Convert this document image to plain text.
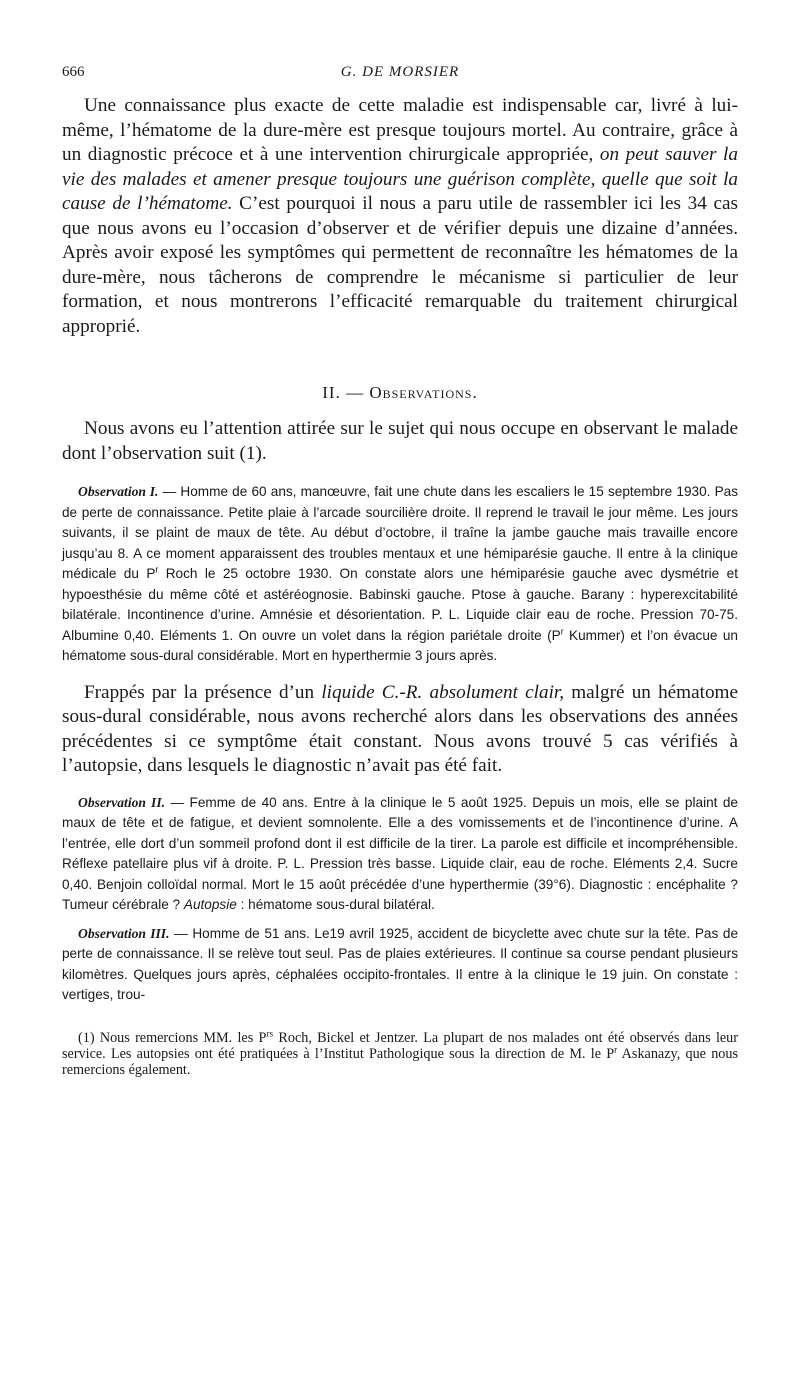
666	G. DE MORSIER

Une connaissance plus exacte de cette maladie est indispensable car, livré à lui-même, l’hématome de la dure-mère est presque toujours mortel. Au contraire, grâce à un diagnostic précoce et à une intervention chirurgicale appropriée, on peut sauver la vie des malades et amener presque toujours une guérison complète, quelle que soit la cause de l’hématome. C’est pourquoi il nous a paru utile de rassembler ici les 34 cas que nous avons eu l’occasion d’observer et de vérifier depuis une dizaine d’années. Après avoir exposé les symptômes qui permettent de reconnaître les hématomes de la dure-mère, nous tâcherons de comprendre le mécanisme si particulier de leur formation, et nous montrerons l’efficacité remarquable du traitement chirurgical approprié.

II. — Observations.

Nous avons eu l’attention attirée sur le sujet qui nous occupe en observant le malade dont l’observation suit (1).

Observation I. — Homme de 60 ans, manœuvre, fait une chute dans les escaliers le 15 septembre 1930. Pas de perte de connaissance. Petite plaie à l’arcade sourcilière droite. Il reprend le travail le jour même. Les jours suivants, il se plaint de maux de tête. Au début d’octobre, il traîne la jambe gauche mais travaille encore jusqu’au 8. A ce moment apparaissent des troubles mentaux et une hémiparésie gauche. Il entre à la clinique médicale du $P^r$ Roch le 25 octobre 1930. On constate alors une hémiparésie gauche avec dysmétrie et hypoesthésie du même côté et astéréognosie. Babinski gauche. Ptose à gauche. Barany : hyperexcitabilité bilatérale. Incontinence d’urine. Amnésie et désorientation. P. L. Liquide clair eau de roche. Pression 70-75. Albumine 0,40. Eléments 1. On ouvre un volet dans la région pariétale droite ($P^r$ Kummer) et l’on évacue un hématome sous-dural considérable. Mort en hyperthermie 3 jours après.

Frappés par la présence d’un liquide C.-R. absolument clair, malgré un hématome sous-dural considérable, nous avons recherché alors dans les observations des années précédentes si ce symptôme était constant. Nous avons trouvé 5 cas vérifiés à l’autopsie, dans lesquels le diagnostic n’avait pas été fait.

Observation II. — Femme de 40 ans. Entre à la clinique le 5 août 1925. Depuis un mois, elle se plaint de maux de tête et de fatigue, et devient somnolente. Elle a des vomissements et de l’incontinence d’urine. A l’entrée, elle dort d’un sommeil profond dont il est difficile de la tirer. La parole est difficile et incompréhensible. Réflexe patellaire plus vif à droite. P. L. Pression très basse. Liquide clair, eau de roche. Eléments 2,4. Sucre 0,40. Benjoin colloïdal normal. Mort le 15 août précédée d’une hyperthermie (39°6). Diagnostic : encéphalite ? Tumeur cérébrale ? Autopsie : hématome sous-dural bilatéral.

Observation III. — Homme de 51 ans. Le19 avril 1925, accident de bicyclette avec chute sur la tête. Pas de perte de connaissance. Il se relève tout seul. Pas de plaies extérieures. Il continue sa course pendant plusieurs kilomètres. Quelques jours après, céphalées occipito-frontales. Il entre à la clinique le 19 juin. On constate : vertiges, trou-

(1) Nous remercions MM. les $P^{rs}$ Roch, Bickel et Jentzer. La plupart de nos malades ont été observés dans leur service. Les autopsies ont été pratiquées à l’Institut Pathologique sous la direction de M. le $P^r$ Askanazy, que nous remercions également.
